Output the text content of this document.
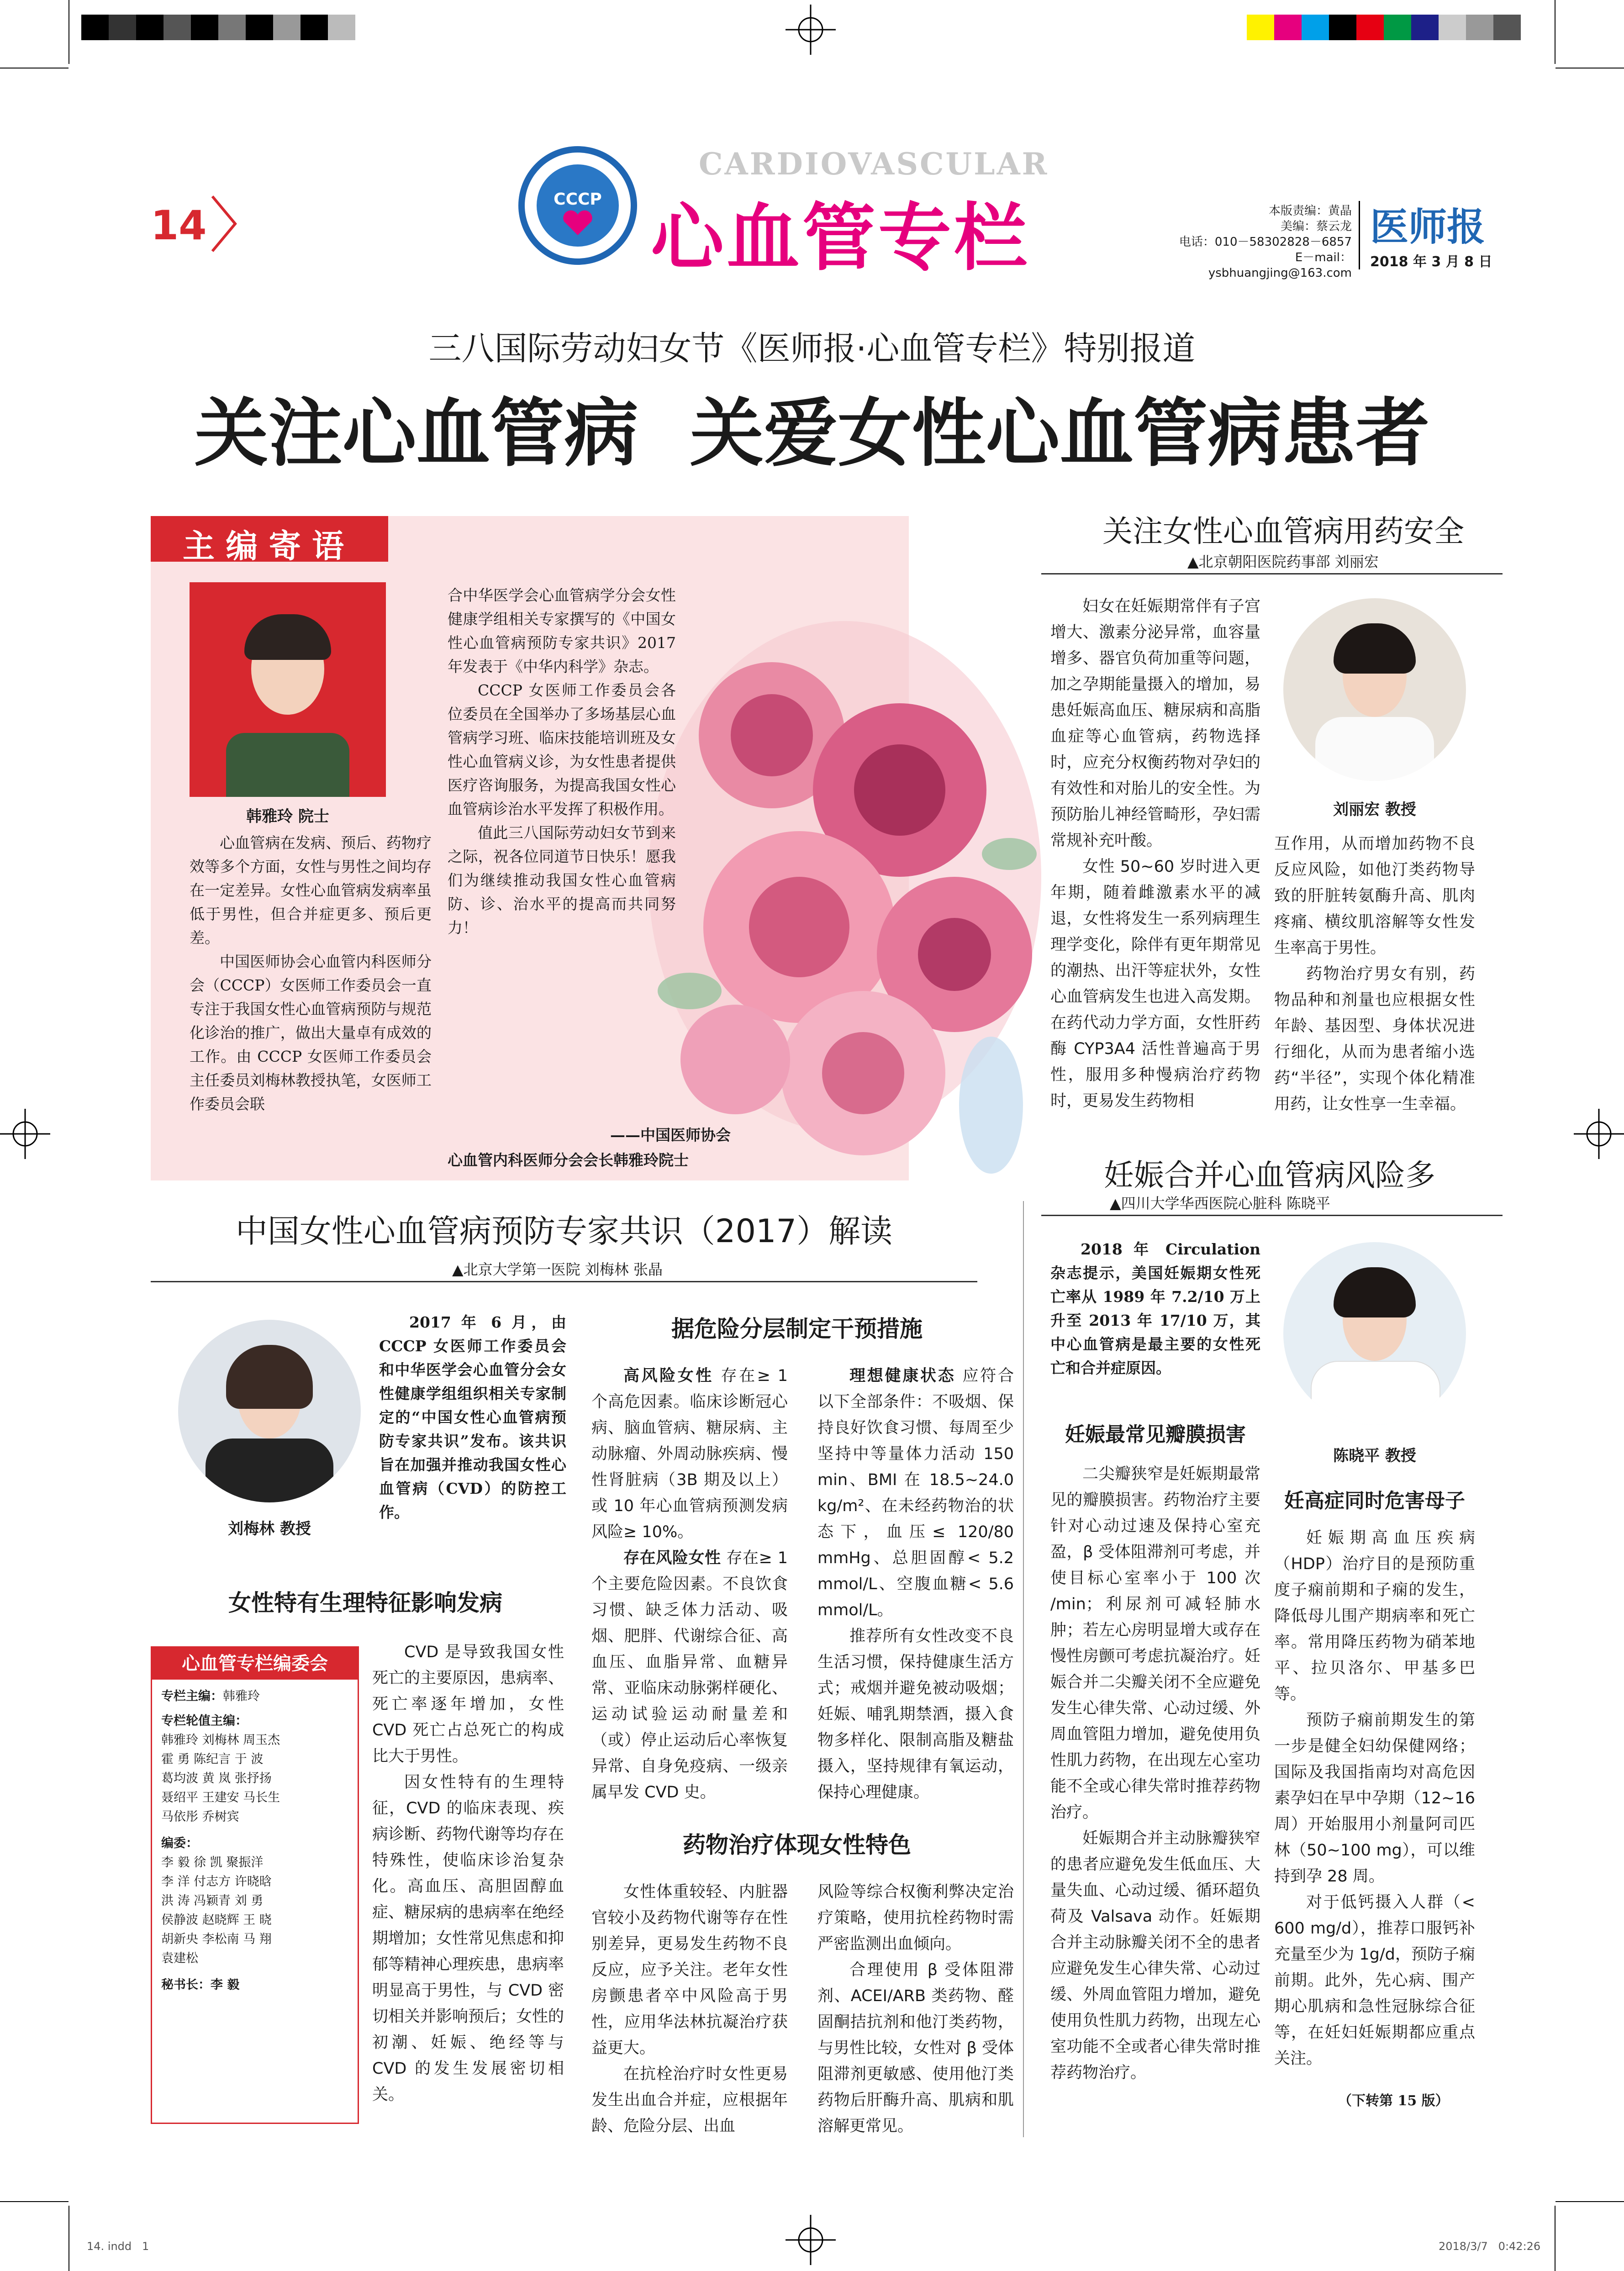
14
CCCP
CARDIOVASCULAR
心血管专栏	本版责编：黄晶
美编：蔡云龙
电话：010－58302828－6857
E－mail：ysbhuangjing@163.com
医师报
2018 年 3 月 8 日
三八国际劳动妇女节《医师报·心血管专栏》特别报道
关注心血管病  关爱女性心血管病患者
主 编 寄 语
韩雅玲 院士

心血管病在发病、预后、药物疗效等多个方面，女性与男性之间均存在一定差异。女性心血管病发病率虽低于男性，但合并症更多、预后更差。

中国医师协会心血管内科医师分会（CCCP）女医师工作委员会一直专注于我国女性心血管病预防与规范化诊治的推广，做出大量卓有成效的工作。由 CCCP 女医师工作委员会主任委员刘梅林教授执笔，女医师工作委员会联

合中华医学会心血管病学分会女性健康学组相关专家撰写的《中国女性心血管病预防专家共识》2017 年发表于《中华内科学》杂志。

CCCP 女医师工作委员会各位委员在全国举办了多场基层心血管病学习班、临床技能培训班及女性心血管病义诊，为女性患者提供医疗咨询服务，为提高我国女性心血管病诊治水平发挥了积极作用。

值此三八国际劳动妇女节到来之际，祝各位同道节日快乐！愿我们为继续推动我国女性心血管病防、诊、治水平的提高而共同努力！

——中国医师协会
心血管内科医师分会会长韩雅玲院士
关注女性心血管病用药安全
▲北京朝阳医院药事部 刘丽宏
刘丽宏 教授

妇女在妊娠期常伴有子宫增大、激素分泌异常，血容量增多、器官负荷加重等问题，加之孕期能量摄入的增加，易患妊娠高血压、糖尿病和高脂血症等心血管病，药物选择时，应充分权衡药物对孕妇的有效性和对胎儿的安全性。为预防胎儿神经管畸形，孕妇需常规补充叶酸。

女性 50~60 岁时进入更年期，随着雌激素水平的减退，女性将发生一系列病理生理学变化，除伴有更年期常见的潮热、出汗等症状外，女性心血管病发生也进入高发期。在药代动力学方面，女性肝药酶 CYP3A4 活性普遍高于男性，服用多种慢病治疗药物时，更易发生药物相

互作用，从而增加药物不良反应风险，如他汀类药物导致的肝脏转氨酶升高、肌肉疼痛、横纹肌溶解等女性发生率高于男性。

药物治疗男女有别，药物品种和剂量也应根据女性年龄、基因型、身体状况进行细化，从而为患者缩小选药“半径”，实现个体化精准用药，让女性享一生幸福。

妊娠合并心血管病风险多
▲四川大学华西医院心脏科 陈晓平

2018 年 Circulation 杂志提示，美国妊娠期女性死亡率从 1989 年 7.2/10 万上升至 2013 年 17/10 万，其中心血管病是最主要的女性死亡和合并症原因。

陈晓平 教授
妊娠最常见瓣膜损害

二尖瓣狭窄是妊娠期最常见的瓣膜损害。药物治疗主要针对心动过速及保持心室充盈，β 受体阻滞剂可考虑，并使目标心室率小于 100 次 /min；利尿剂可减轻肺水肿；若左心房明显增大或存在慢性房颤可考虑抗凝治疗。妊娠合并二尖瓣关闭不全应避免发生心律失常、心动过缓、外周血管阻力增加，避免使用负性肌力药物，在出现左心室功能不全或心律失常时推荐药物治疗。

妊娠期合并主动脉瓣狭窄的患者应避免发生低血压、大量失血、心动过缓、循环超负荷及 Valsava 动作。妊娠期合并主动脉瓣关闭不全的患者应避免发生心律失常、心动过缓、外周血管阻力增加，避免使用负性肌力药物，出现左心室功能不全或者心律失常时推荐药物治疗。

妊高症同时危害母子

妊娠期高血压疾病（HDP）治疗目的是预防重度子痫前期和子痫的发生，降低母儿围产期病率和死亡率。常用降压药物为硝苯地平、拉贝洛尔、甲基多巴等。

预防子痫前期发生的第一步是健全妇幼保健网络；国际及我国指南均对高危因素孕妇在早中孕期（12~16 周）开始服用小剂量阿司匹林（50~100 mg），可以维持到孕 28 周。

对于低钙摄入人群（< 600 mg/d），推荐口服钙补充量至少为 1g/d，预防子痫前期。此外，先心病、围产期心肌病和急性冠脉综合征等，在妊妇妊娠期都应重点关注。

（下转第 15 版）
中国女性心血管病预防专家共识（2017）解读
▲北京大学第一医院 刘梅林 张晶
刘梅林 教授

2017 年 6 月，由 CCCP 女医师工作委员会和中华医学会心血管分会女性健康学组组织相关专家制定的“中国女性心血管病预防专家共识”发布。该共识旨在加强并推动我国女性心血管病（CVD）的防控工作。

女性特有生理特征影响发病
心血管专栏编委会
专栏主编：韩雅玲
专栏轮值主编：
韩雅玲 刘梅林 周玉杰
霍 勇 陈纪言 于 波
葛均波 黄 岚 张抒扬
聂绍平 王建安 马长生
马依彤 乔树宾
编委：
李 毅 徐 凯 聚振洋
李 洋 付志方 许晓晗
洪 涛 冯颖青 刘 勇
侯静波 赵晓辉 王 晓
胡新央 李松南 马 翔
袁建松
秘书长：李 毅

CVD 是导致我国女性死亡的主要原因，患病率、死亡率逐年增加，女性 CVD 死亡占总死亡的构成比大于男性。

因女性特有的生理特征，CVD 的临床表现、疾病诊断、药物代谢等均存在特殊性，使临床诊治复杂化。高血压、高胆固醇血症、糖尿病的患病率在绝经期增加；女性常见焦虑和抑郁等精神心理疾患，患病率明显高于男性，与 CVD 密切相关并影响预后；女性的初潮、妊娠、绝经等与 CVD 的发生发展密切相关。

据危险分层制定干预措施

高风险女性 存在≥ 1 个高危因素。临床诊断冠心病、脑血管病、糖尿病、主动脉瘤、外周动脉疾病、慢性肾脏病（3B 期及以上）或 10 年心血管病预测发病风险≥ 10%。

存在风险女性 存在≥ 1 个主要危险因素。不良饮食习惯、缺乏体力活动、吸烟、肥胖、代谢综合征、高血压、血脂异常、血糖异常、亚临床动脉粥样硬化、运动试验运动耐量差和（或）停止运动后心率恢复异常、自身免疫病、一级亲属早发 CVD 史。

理想健康状态 应符合以下全部条件：不吸烟、保持良好饮食习惯、每周至少坚持中等量体力活动 150 min、BMI 在 18.5~24.0 kg/m²、在未经药物治的状态下，血压≤ 120/80 mmHg、总胆固醇< 5.2 mmol/L、空腹血糖< 5.6 mmol/L。

推荐所有女性改变不良生活习惯，保持健康生活方式；戒烟并避免被动吸烟；妊娠、哺乳期禁酒，摄入食物多样化、限制高脂及糖盐摄入，坚持规律有氧运动，保持心理健康。

药物治疗体现女性特色

女性体重较轻、内脏器官较小及药物代谢等存在性别差异，更易发生药物不良反应，应予关注。老年女性房颤患者卒中风险高于男性，应用华法林抗凝治疗获益更大。

在抗栓治疗时女性更易发生出血合并症，应根据年龄、危险分层、出血

风险等综合权衡利弊决定治疗策略，使用抗栓药物时需严密监测出血倾向。

合理使用 β 受体阻滞剂、ACEI/ARB 类药物、醛固酮拮抗剂和他汀类药物，与男性比较，女性对 β 受体阻滞剂更敏感、使用他汀类药物后肝酶升高、肌病和肌溶解更常见。

14. indd   1	2018/3/7   0:42:26
